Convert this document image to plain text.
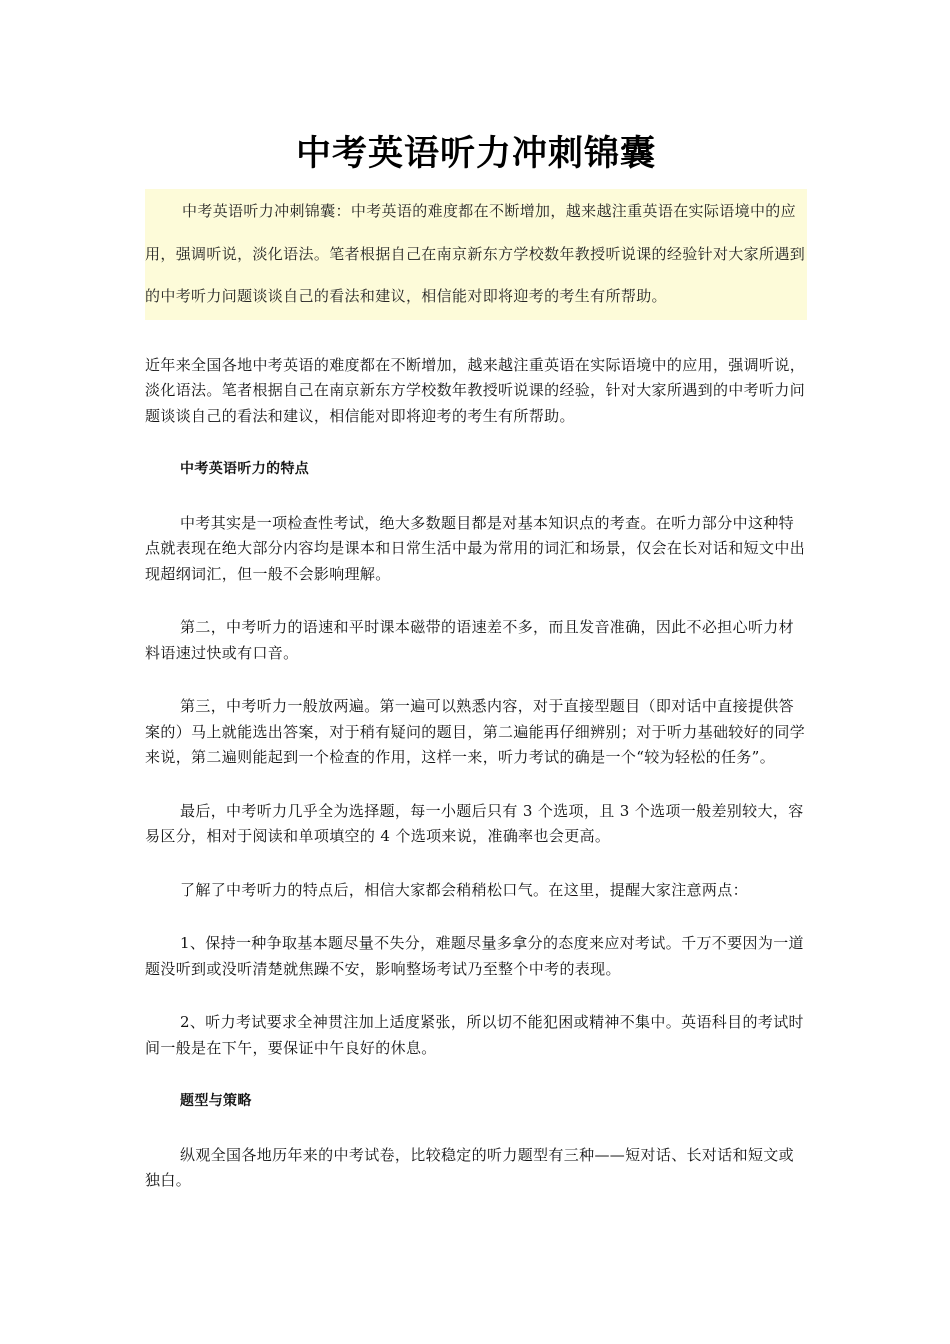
中考英语听力冲刺锦囊
中考英语听力冲刺锦囊：中考英语的难度都在不断增加，越来越注重英语在实际语境中的应用，强调听说，淡化语法。笔者根据自己在南京新东方学校数年教授听说课的经验针对大家所遇到的中考听力问题谈谈自己的看法和建议，相信能对即将迎考的考生有所帮助。

近年来全国各地中考英语的难度都在不断增加，越来越注重英语在实际语境中的应用，强调听说，淡化语法。笔者根据自己在南京新东方学校数年教授听说课的经验，针对大家所遇到的中考听力问题谈谈自己的看法和建议，相信能对即将迎考的考生有所帮助。

中考英语听力的特点

中考其实是一项检查性考试，绝大多数题目都是对基本知识点的考查。在听力部分中这种特点就表现在绝大部分内容均是课本和日常生活中最为常用的词汇和场景，仅会在长对话和短文中出现超纲词汇，但一般不会影响理解。

第二，中考听力的语速和平时课本磁带的语速差不多，而且发音准确，因此不必担心听力材料语速过快或有口音。

第三，中考听力一般放两遍。第一遍可以熟悉内容，对于直接型题目（即对话中直接提供答案的）马上就能选出答案，对于稍有疑问的题目，第二遍能再仔细辨别；对于听力基础较好的同学来说，第二遍则能起到一个检查的作用，这样一来，听力考试的确是一个“较为轻松的任务”。

最后，中考听力几乎全为选择题，每一小题后只有 3 个选项，且 3 个选项一般差别较大，容易区分，相对于阅读和单项填空的 4 个选项来说，准确率也会更高。

了解了中考听力的特点后，相信大家都会稍稍松口气。在这里，提醒大家注意两点：

1、保持一种争取基本题尽量不失分，难题尽量多拿分的态度来应对考试。千万不要因为一道题没听到或没听清楚就焦躁不安，影响整场考试乃至整个中考的表现。

2、听力考试要求全神贯注加上适度紧张，所以切不能犯困或精神不集中。英语科目的考试时间一般是在下午，要保证中午良好的休息。

题型与策略

纵观全国各地历年来的中考试卷，比较稳定的听力题型有三种——短对话、长对话和短文或独白。
